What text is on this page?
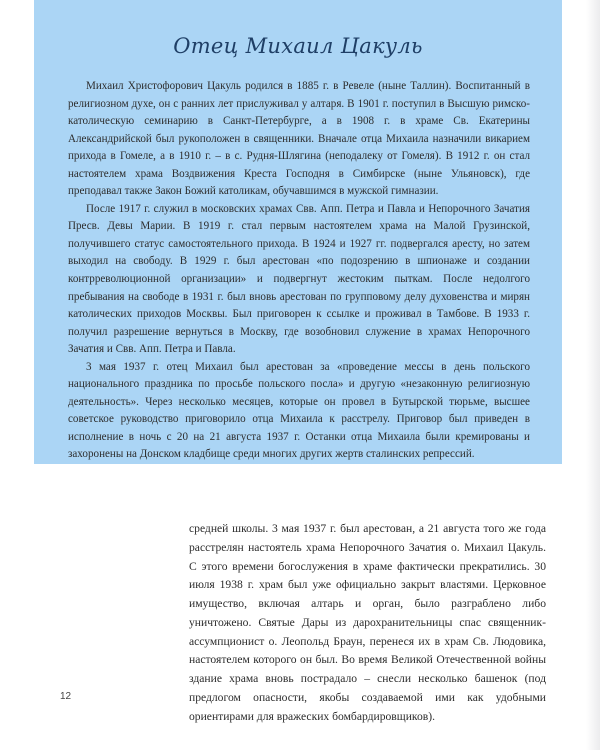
Отец Михаил Цакуль

Михаил Христофорович Цакуль родился в 1885 г. в Ревеле (ныне Таллин). Воспитанный в религиозном духе, он с ранних лет прислуживал у алтаря. В 1901 г. поступил в Высшую римско-католическую семинарию в Санкт-Петербурге, а в 1908 г. в храме Св. Екатерины Александрийской был рукоположен в священники. Вначале отца Михаила назначили викарием прихода в Гомеле, а в 1910 г. – в с. Рудня-Шлягина (неподалеку от Гомеля). В 1912 г. он стал настоятелем храма Воздвижения Креста Господня в Симбирске (ныне Ульяновск), где преподавал также Закон Божий католикам, обучавшимся в мужской гимназии.

После 1917 г. служил в московских храмах Свв. Апп. Петра и Павла и Непорочного Зачатия Пресв. Девы Марии. В 1919 г. стал первым настоятелем храма на Малой Грузинской, получившего статус самостоятельного прихода. В 1924 и 1927 гг. подвергался аресту, но затем выходил на свободу. В 1929 г. был арестован «по подозрению в шпионаже и создании контрреволюционной организации» и подвергнут жестоким пыткам. После недолгого пребывания на свободе в 1931 г. был вновь арестован по групповому делу духовенства и мирян католических приходов Москвы. Был приговорен к ссылке и проживал в Тамбове. В 1933 г. получил разрешение вернуться в Москву, где возобновил служение в храмах Непорочного Зачатия и Свв. Апп. Петра и Павла.

3 мая 1937 г. отец Михаил был арестован за «проведение мессы в день польского национального праздника по просьбе польского посла» и другую «незаконную религиозную деятельность». Через несколько месяцев, которые он провел в Бутырской тюрьме, высшее советское руководство приговорило отца Михаила к расстрелу. Приговор был приведен в исполнение в ночь с 20 на 21 августа 1937 г. Останки отца Михаила были кремированы и захоронены на Донском кладбище среди многих других жертв сталинских репрессий.

средней школы. 3 мая 1937 г. был арестован, а 21 августа того же года расстрелян настоятель храма Непорочного Зачатия о. Михаил Цакуль. С этого времени богослужения в храме фактически прекратились. 30 июля 1938 г. храм был уже официально закрыт властями. Церковное имущество, включая алтарь и орган, было разграблено либо уничтожено. Святые Дары из дарохранительницы спас священник-ассумпционист о. Леопольд Браун, перенеся их в храм Св. Людовика, настоятелем которого он был. Во время Великой Отечественной войны здание храма вновь пострадало – снесли несколько башенок (под предлогом опасности, якобы создаваемой ими как удобными ориентирами для вражеских бомбардировщиков).

12
